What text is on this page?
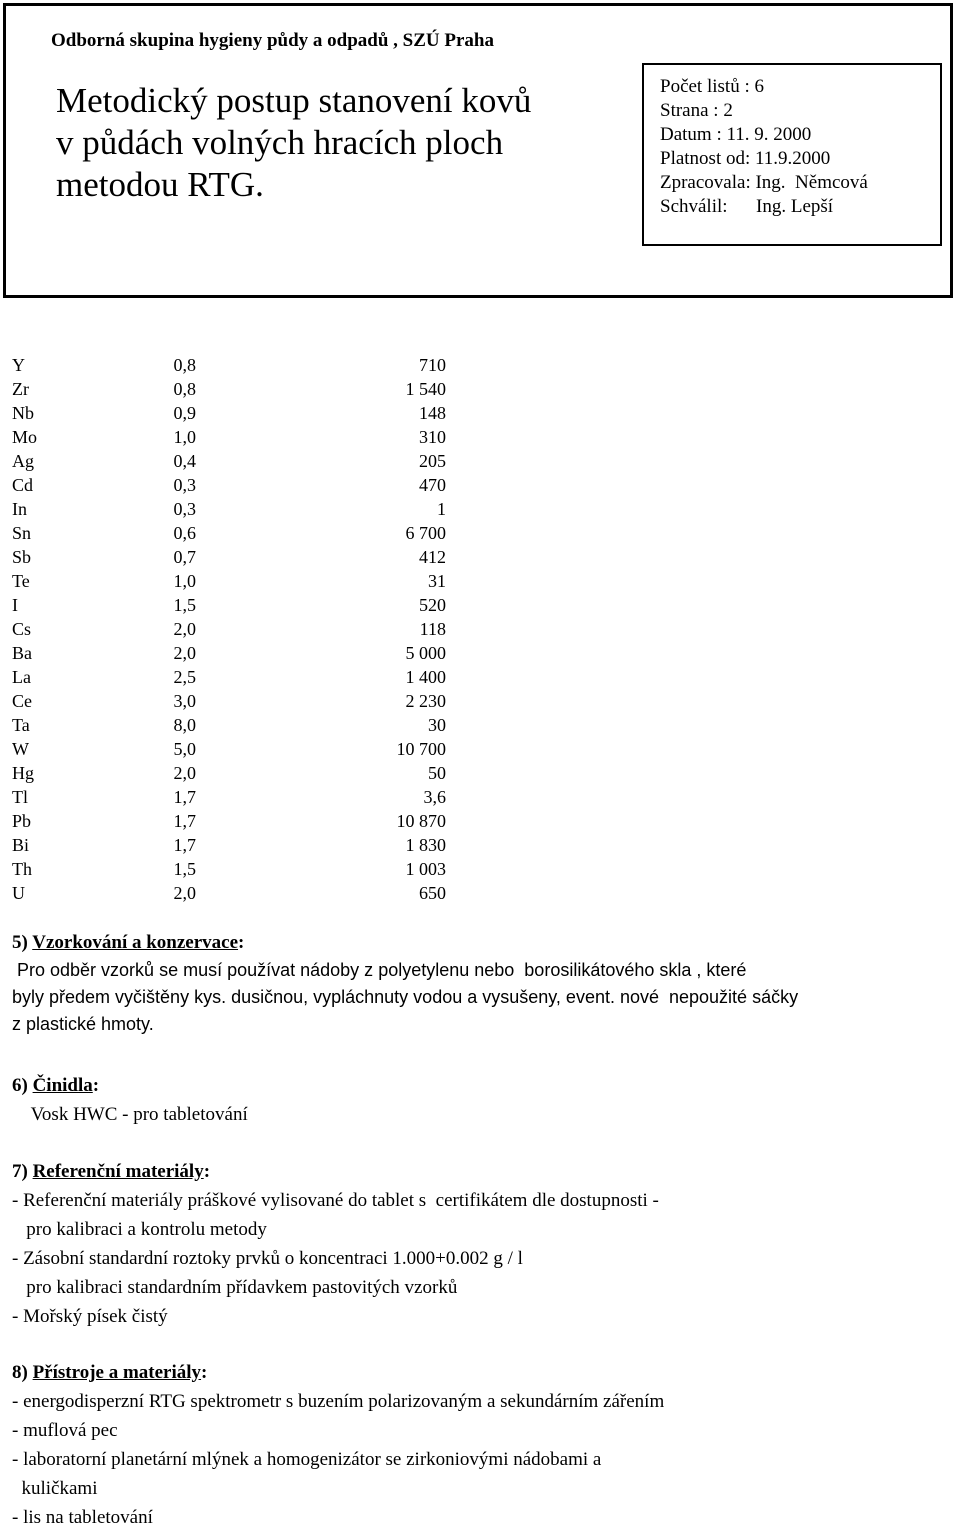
Odborná skupina hygieny půdy a odpadů , SZÚ Praha
Metodický postup stanovení kovů
v půdách volných hracích ploch
metodou RTG.
Počet listů : 6
Strana : 2
Datum : 11. 9. 2000
Platnost od: 11.9.2000
Zpracovala: Ing.  Němcová
Schválil:      Ing. Lepší
Y	0,8	710
Zr	0,8	1 540
Nb	0,9	148
Mo	1,0	310
Ag	0,4	205
Cd	0,3	470
In	0,3	1
Sn	0,6	6 700
Sb	0,7	412
Te	1,0	31
I	1,5	520
Cs	2,0	118
Ba	2,0	5 000
La	2,5	1 400
Ce	3,0	2 230
Ta	8,0	30
W	5,0	10 700
Hg	2,0	50
Tl	1,7	3,6
Pb	1,7	10 870
Bi	1,7	1 830
Th	1,5	1 003
U	2,0	650
5) Vzorkování a konzervace:
Pro odběr vzorků se musí používat nádoby z polyetylenu nebo  borosilikátového skla , které
byly předem vyčištěny kys. dusičnou, vypláchnuty vodou a vysušeny, event. nové  nepoužité sáčky
z plastické hmoty.
6) Činidla:
Vosk HWC - pro tabletování
7) Referenční materiály:
- Referenční materiály práškové vylisované do tablet s  certifikátem dle dostupnosti -
pro kalibraci a kontrolu metody
- Zásobní standardní roztoky prvků o koncentraci 1.000+0.002 g / l
pro kalibraci standardním přídavkem pastovitých vzorků
- Mořský písek čistý
8) Přístroje a materiály:
- energodisperzní RTG spektrometr s buzením polarizovaným a sekundárním zářením
- muflová pec
- laboratorní planetární mlýnek a homogenizátor se zirkoniovými nádobami a
kuličkami
- lis na tabletování
